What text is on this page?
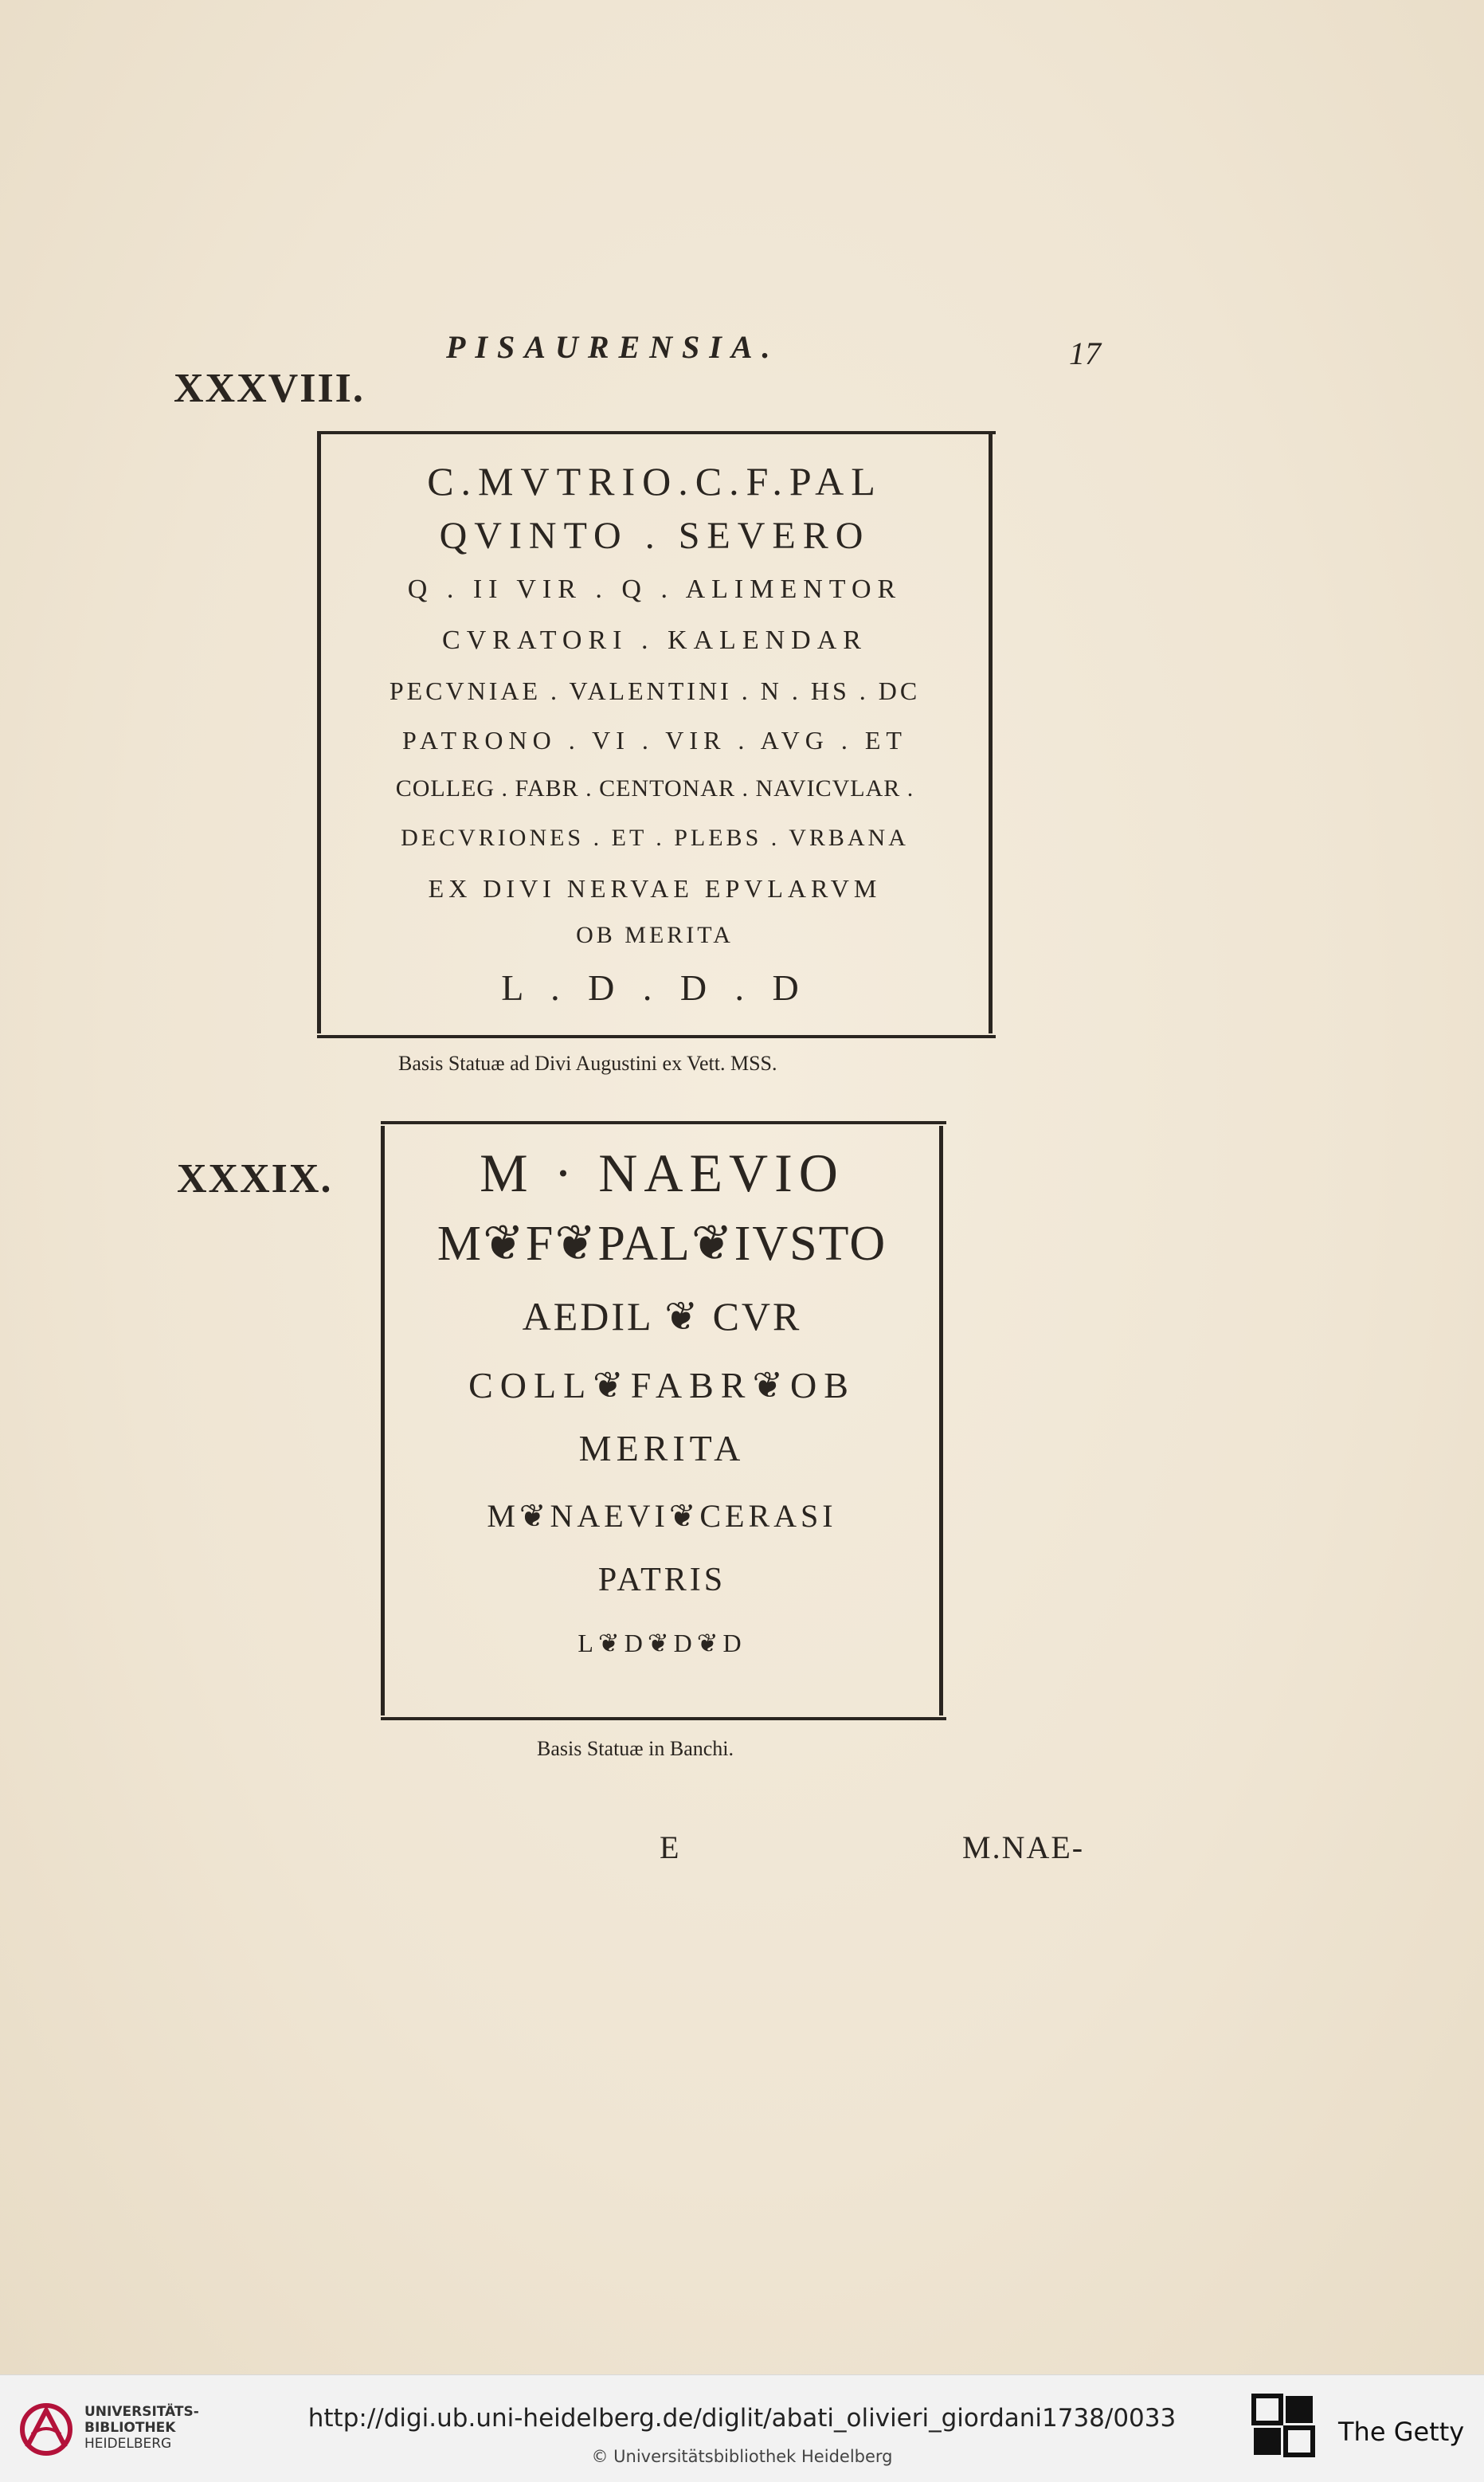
PISAURENSIA.	17
XXXVIII.
C.MVTRIO.C.F.PAL
QVINTO . SEVERO
Q . II VIR . Q . ALIMENTOR
CVRATORI . KALENDAR
PECVNIAE . VALENTINI . N . HS . DC
PATRONO . VI . VIR . AVG . ET
COLLEG . FABR . CENTONAR . NAVICVLAR .
DECVRIONES . ET . PLEBS . VRBANA
EX DIVI NERVAE EPVLARVM
OB MERITA
L . D . D . D
Basis Statuæ ad Divi Augustini ex Vett. MSS.
XXXIX.	M · NAEVIO
M❦F❦PAL❦IVSTO
AEDIL ❦ CVR
COLL❦FABR❦OB
MERITA
M❦NAEVI❦CERASI
PATRIS
L❦D❦D❦D
Basis Statuæ in Banchi.
E	M.NAE-
UNIVERSITÄTS-
BIBLIOTHEK
HEIDELBERG
http://digi.ub.uni-heidelberg.de/diglit/abati_olivieri_giordani1738/0033
© Universitätsbibliothek Heidelberg
The Getty
